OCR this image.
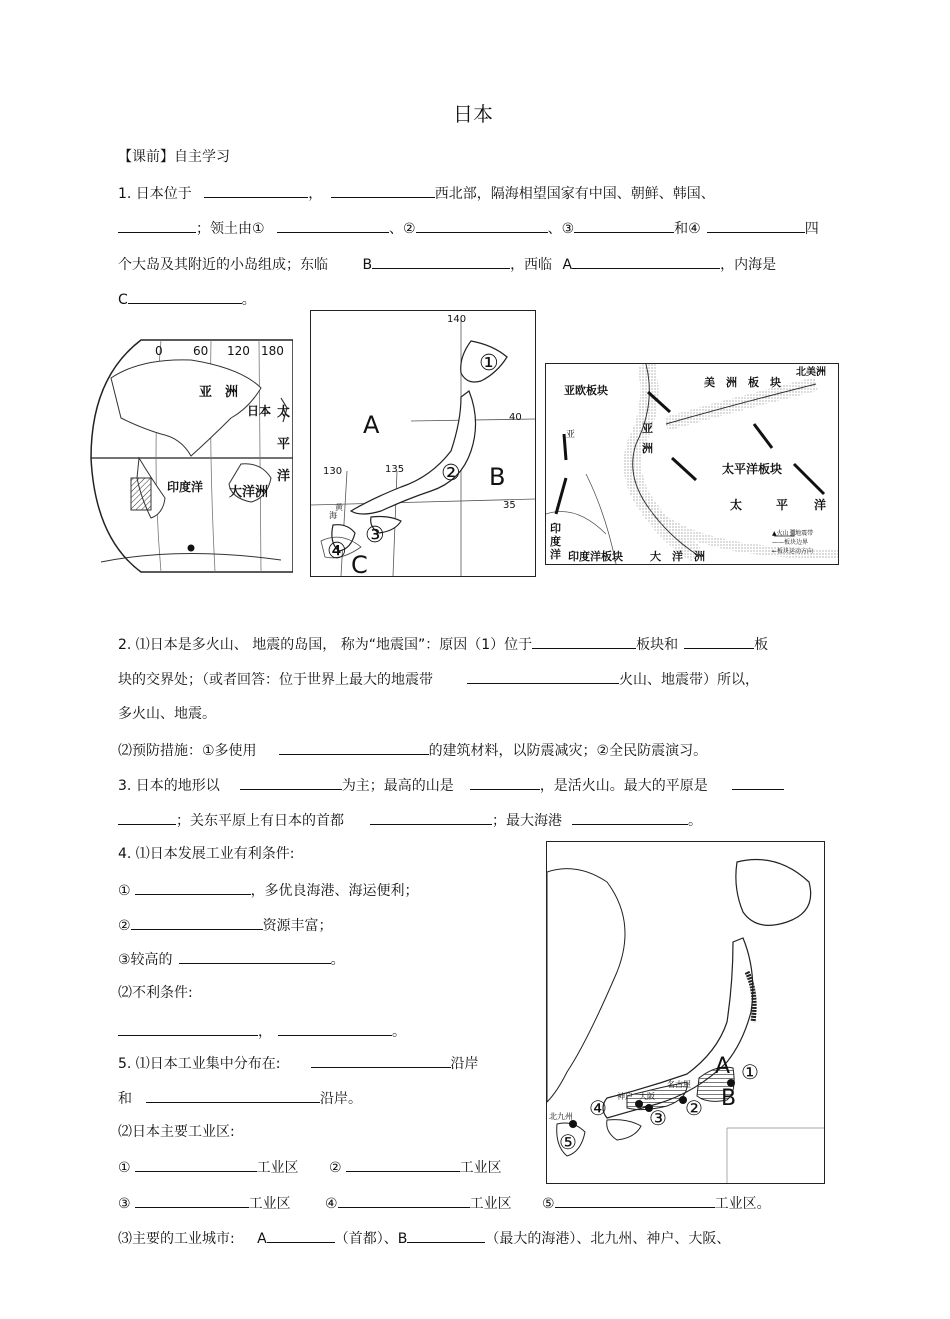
日本
【课前】自主学习
1. 日本位于	，	西北部，隔海相望国家有中国、朝鲜、韩国、
；领土由①	、②	、③	和④	四
个大岛及其附近的小岛组成；东临 B	，西临 A	，内海是
C	。
0	60 120 180
亚　洲
日本 太
平
洋
印度洋 大洋洲
140
40
130	135
35
A
B
C
①
②
③
④
黄
海
亚欧板块
美　洲　板　块
北美洲
亚
洲
亚
太平洋板块
太	平 洋
印
度
洋 印度洋板块 大　洋　洲
▲火山 ▒地震带
——板块边界
←板块运动方向
2. ⑴日本是多火山、 地震的岛国， 称为“地震国”：原因（1）位于	板块和	板
块的交界处；（或者回答：位于世界上最大的地震带	火山、地震带）所以，
多火山、地震。
⑵预防措施：①多使用	的建筑材料，以防震减灾；②全民防震演习。
3. 日本的地形以	为主；最高的山是	，是活火山。最大的平原是
；关东平原上有日本的首都	；最大海港	。
4. ⑴日本发展工业有利条件:
①	，多优良海港、海运便利；
②	资源丰富；
③较高的	。
⑵不利条件:
，	。
5. ⑴日本工业集中分布在:	沿岸
和	沿岸。
⑵日本主要工业区:
①	工业区 ②	工业区
③	工业区 ④	工业区 ⑤	工业区。
⑶主要的工业城市: A	（首都）、B	（最大的海港）、北九州、神户、大阪、
A
B
①
②
③
④
⑤
名古屋
神户 大阪
北九州
